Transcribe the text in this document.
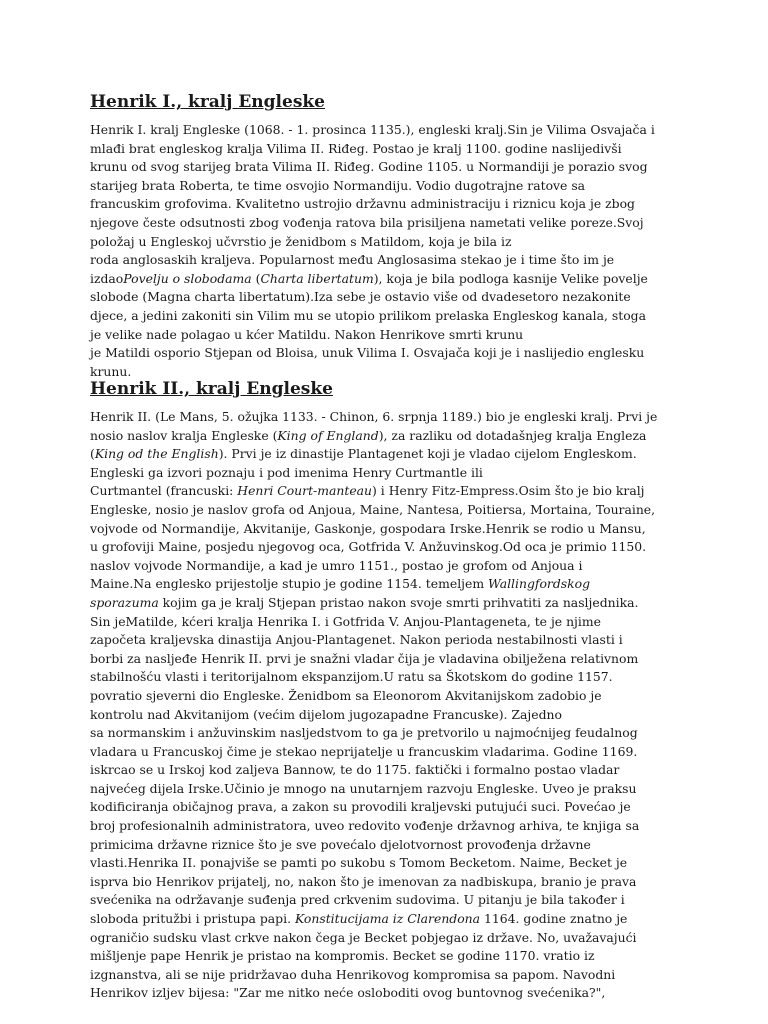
Henrik I., kralj Engleske
Henrik I. kralj Engleske (1068. - 1. prosinca 1135.), engleski kralj.Sin je Vilima Osvajača i
mlađi brat engleskog kralja Vilima II. Riđeg. Postao je kralj 1100. godine naslijedivši
krunu od svog starijeg brata Vilima II. Riđeg. Godine 1105. u Normandiji je porazio svog
starijeg brata Roberta, te time osvojio Normandiju. Vodio dugotrajne ratove sa
francuskim grofovima. Kvalitetno ustrojio državnu administraciju i riznicu koja je zbog
njegove česte odsutnosti zbog vođenja ratova bila prisiljena nametati velike poreze.Svoj
položaj u Engleskoj učvrstio je ženidbom s Matildom, koja je bila iz
roda anglosaskih kraljeva. Popularnost među Anglosasima stekao je i time što im je
izdaoPovelju o slobodama (Charta libertatum), koja je bila podloga kasnije Velike povelje
slobode (Magna charta libertatum).Iza sebe je ostavio više od dvadesetoro nezakonite
djece, a jedini zakoniti sin Vilim mu se utopio prilikom prelaska Engleskog kanala, stoga
je velike nade polagao u kćer Matildu. Nakon Henrikove smrti krunu
je Matildi osporio Stjepan od Bloisa, unuk Vilima I. Osvajača koji je i naslijedio englesku
krunu.
Henrik II., kralj Engleske
Henrik II. (Le Mans, 5. ožujka 1133. - Chinon, 6. srpnja 1189.) bio je engleski kralj. Prvi je
nosio naslov kralja Engleske (King of England), za razliku od dotadašnjeg kralja Engleza
(King od the English). Prvi je iz dinastije Plantagenet koji je vladao cijelom Engleskom.
Engleski ga izvori poznaju i pod imenima Henry Curtmantle ili
Curtmantel (francuski: Henri Court-manteau) i Henry Fitz-Empress.Osim što je bio kralj
Engleske, nosio je naslov grofa od Anjoua, Maine, Nantesa, Poitiersa, Mortaina, Touraine,
vojvode od Normandije, Akvitanije, Gaskonje, gospodara Irske.Henrik se rodio u Mansu,
u grofoviji Maine, posjedu njegovog oca, Gotfrida V. Anžuvinskog.Od oca je primio 1150.
naslov vojvode Normandije, a kad je umro 1151., postao je grofom od Anjoua i
Maine.Na englesko prijestolje stupio je godine 1154. temeljem Wallingfordskog
sporazuma kojim ga je kralj Stjepan pristao nakon svoje smrti prihvatiti za nasljednika.
Sin jeMatilde, kćeri kralja Henrika I. i Gotfrida V. Anjou-Plantageneta, te je njime
započeta kraljevska dinastija Anjou-Plantagenet. Nakon perioda nestabilnosti vlasti i
borbi za nasljeđe Henrik II. prvi je snažni vladar čija je vladavina obilježena relativnom
stabilnošću vlasti i teritorijalnom ekspanzijom.U ratu sa Škotskom do godine 1157.
povratio sjeverni dio Engleske. Ženidbom sa Eleonorom Akvitanijskom zadobio je
kontrolu nad Akvitanijom (većim dijelom jugozapadne Francuske). Zajedno
sa normanskim i anžuvinskim nasljedstvom to ga je pretvorilo u najmoćnijeg feudalnog
vladara u Francuskoj čime je stekao neprijatelje u francuskim vladarima. Godine 1169.
iskrcao se u Irskoj kod zaljeva Bannow, te do 1175. faktički i formalno postao vladar
najvećeg dijela Irske.Učinio je mnogo na unutarnjem razvoju Engleske. Uveo je praksu
kodificiranja običajnog prava, a zakon su provodili kraljevski putujući suci. Povećao je
broj profesionalnih administratora, uveo redovito vođenje državnog arhiva, te knjiga sa
primicima državne riznice što je sve povećalo djelotvornost provođenja državne
vlasti.Henrika II. ponajviše se pamti po sukobu s Tomom Becketom. Naime, Becket je
isprva bio Henrikov prijatelj, no, nakon što je imenovan za nadbiskupa, branio je prava
svećenika na održavanje suđenja pred crkvenim sudovima. U pitanju je bila također i
sloboda pritužbi i pristupa papi. Konstitucijama iz Clarendona 1164. godine znatno je
ograničio sudsku vlast crkve nakon čega je Becket pobjegao iz države. No, uvažavajući
mišljenje pape Henrik je pristao na kompromis. Becket se godine 1170. vratio iz
izgnanstva, ali se nije pridržavao duha Henrikovog kompromisa sa papom. Navodni
Henrikov izljev bijesa: "Zar me nitko neće osloboditi ovog buntovnog svećenika?",
